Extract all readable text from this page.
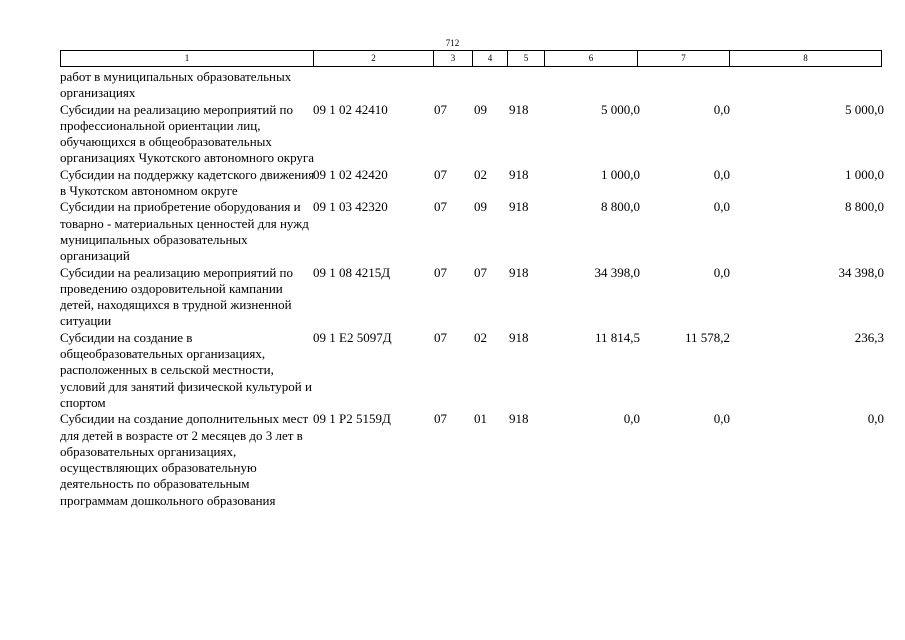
712
1	2	3	4	5	6	7	8
работ в муниципальных образовательных организациях
Субсидии на реализацию мероприятий по профессиональной ориентации лиц, обучающихся в общеобразовательных организациях Чукотского автономного округа
09 1 02 42410	07 09 918	5 000,0	0,0	5 000,0
Субсидии на поддержку кадетского движения в Чукотском автономном округе
09 1 02 42420	07 02 918	1 000,0	0,0	1 000,0
Субсидии на приобретение оборудования и товарно - материальных ценностей для нужд муниципальных образовательных организаций
09 1 03 42320	07 09 918	8 800,0	0,0	8 800,0
Субсидии на реализацию мероприятий по проведению оздоровительной кампании детей, находящихся в трудной жизненной ситуации
09 1 08 4215Д	07 07 918	34 398,0	0,0	34 398,0
Субсидии на создание в общеобразовательных организациях, расположенных в сельской местности, условий для занятий физической культурой и спортом
09 1 E2 5097Д	07 02 918	11 814,5	11 578,2	236,3
Субсидии на создание дополнительных мест для детей в возрасте от 2 месяцев до 3 лет в образовательных организациях, осуществляющих образовательную деятельность по образовательным программам дошкольного образования
09 1 P2 5159Д	07 01 918	0,0	0,0	0,0
